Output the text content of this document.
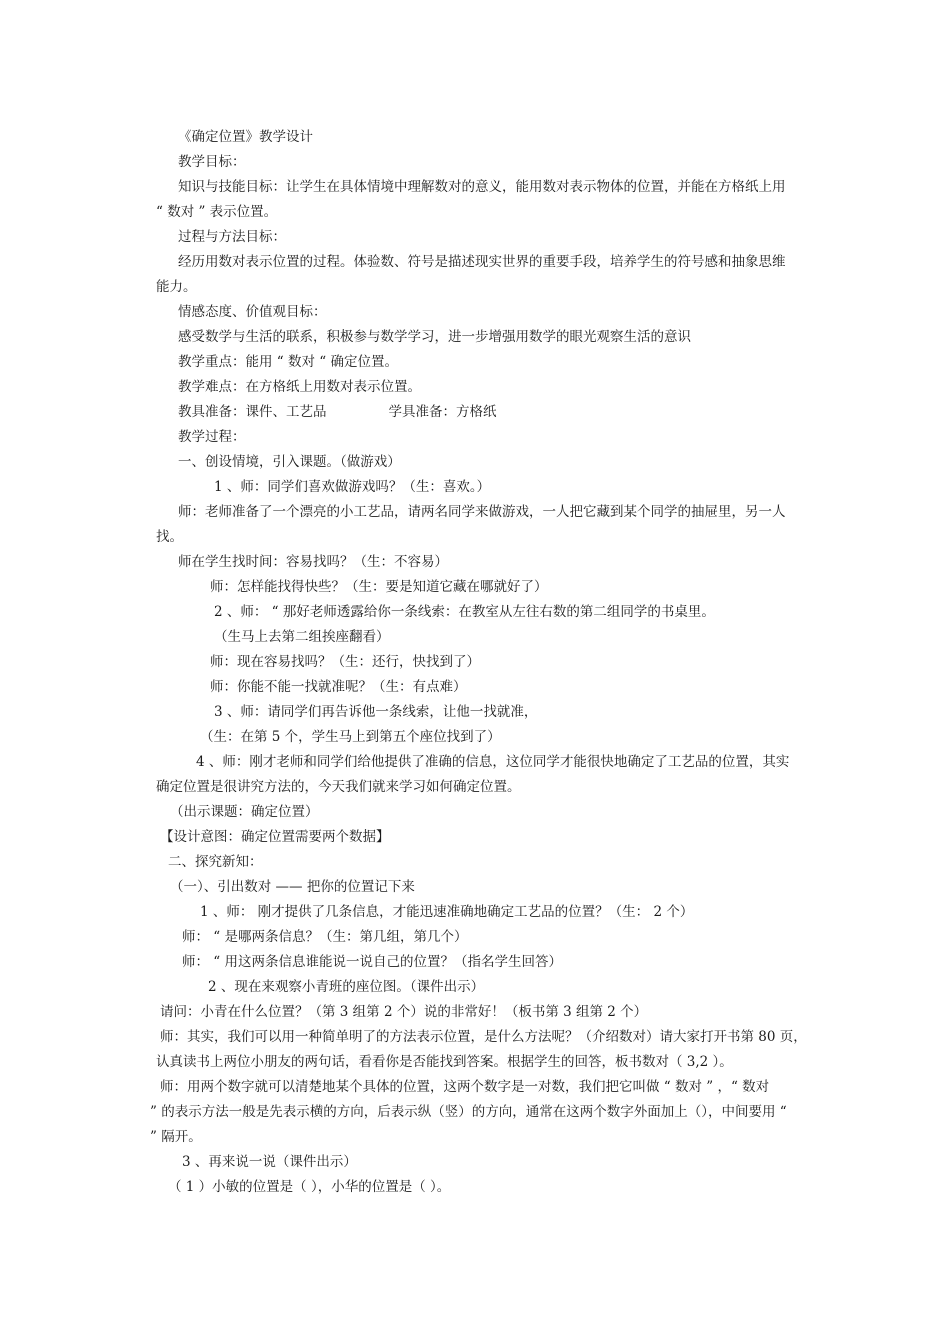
《确定位置》教学设计
教学目标：
知识与技能目标：让学生在具体情境中理解数对的意义，能用数对表示物体的位置，并能在方格纸上用
“ 数对 ” 表示位置。
过程与方法目标：
经历用数对表示位置的过程。体验数、符号是描述现实世界的重要手段，培养学生的符号感和抽象思维
能力。
情感态度、价值观目标：
感受数学与生活的联系，积极参与数学学习，进一步增强用数学的眼光观察生活的意识
教学重点：能用 “ 数对 “ 确定位置。
教学难点：在方格纸上用数对表示位置。
教具准备：课件、工艺品	学具准备：方格纸
教学过程：
一、创设情境，引入课题。（做游戏）
1 、师：同学们喜欢做游戏吗？（生：喜欢。）
师：老师准备了一个漂亮的小工艺品，请两名同学来做游戏，一人把它藏到某个同学的抽屉里，另一人
找。
师在学生找时间：容易找吗？（生：不容易）
师：怎样能找得快些？（生：要是知道它藏在哪就好了）
2 、师： “ 那好老师透露给你一条线索：在教室从左往右数的第二组同学的书桌里。
（生马上去第二组挨座翻看）
师：现在容易找吗？（生：还行，快找到了）
师：你能不能一找就准呢？（生：有点难）
3 、师：请同学们再告诉他一条线索，让他一找就准，
（生：在第 5 个，学生马上到第五个座位找到了）
4 、师：刚才老师和同学们给他提供了准确的信息，这位同学才能很快地确定了工艺品的位置，其实
确定位置是很讲究方法的，今天我们就来学习如何确定位置。
（出示课题：确定位置）
【设计意图：确定位置需要两个数据】
二、探究新知：
（一）、引出数对 —— 把你的位置记下来
1 、师： 刚才提供了几条信息，才能迅速准确地确定工艺品的位置？（生： 2 个）
师： “ 是哪两条信息？（生：第几组，第几个）
师： “ 用这两条信息谁能说一说自己的位置？（指名学生回答）
2 、现在来观察小青班的座位图。（课件出示）
请问：小青在什么位置？（第 3 组第 2 个）说的非常好！（板书第 3 组第 2 个）
师：其实，我们可以用一种简单明了的方法表示位置，是什么方法呢？（介绍数对）请大家打开书第 80 页，
认真读书上两位小朋友的两句话，看看你是否能找到答案。根据学生的回答，板书数对（ 3,2 ）。
师：用两个数字就可以清楚地某个具体的位置，这两个数字是一对数，我们把它叫做 “ 数对 ” ，“ 数对
” 的表示方法一般是先表示横的方向，后表示纵（竖）的方向，通常在这两个数字外面加上（），中间要用 “
” 隔开。
3 、再来说一说（课件出示）
（ 1 ）小敏的位置是（ ），小华的位置是（ ）。
